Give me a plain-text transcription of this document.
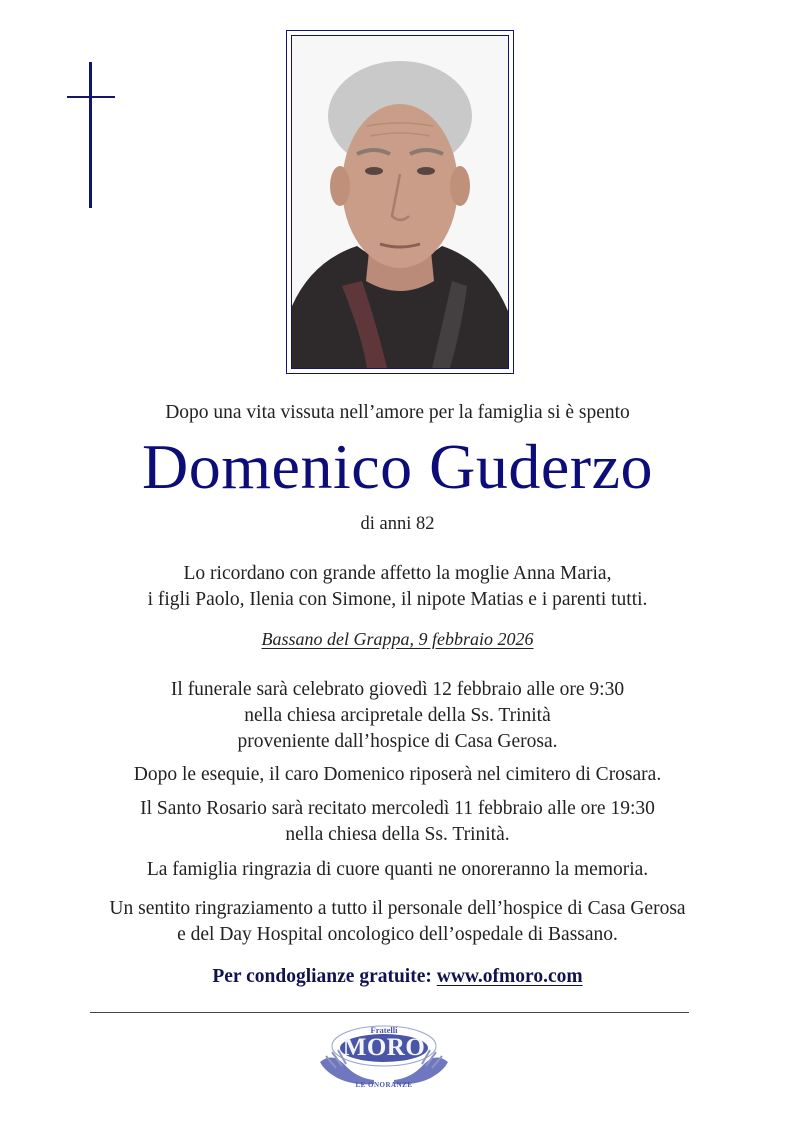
Dopo una vita vissuta nell’amore per la famiglia si è spento

Domenico Guderzo

di anni 82

Lo ricordano con grande affetto la moglie Anna Maria,
i figli Paolo, Ilenia con Simone, il nipote Matias e i parenti tutti.

Bassano del Grappa, 9 febbraio 2026

Il funerale sarà celebrato giovedì 12 febbraio alle ore 9:30
nella chiesa arcipretale della Ss. Trinità
proveniente dall’hospice di Casa Gerosa.
Dopo le esequie, il caro Domenico riposerà nel cimitero di Crosara.
Il Santo Rosario sarà recitato mercoledì 11 febbraio alle ore 19:30
nella chiesa della Ss. Trinità.
La famiglia ringrazia di cuore quanti ne onoreranno la memoria.
Un sentito ringraziamento a tutto il personale dell’hospice di Casa Gerosa
e del Day Hospital oncologico dell’ospedale di Bassano.

Per condoglianze gratuite: www.ofmoro.com

Fratelli
MORO
LE ONORANZE
